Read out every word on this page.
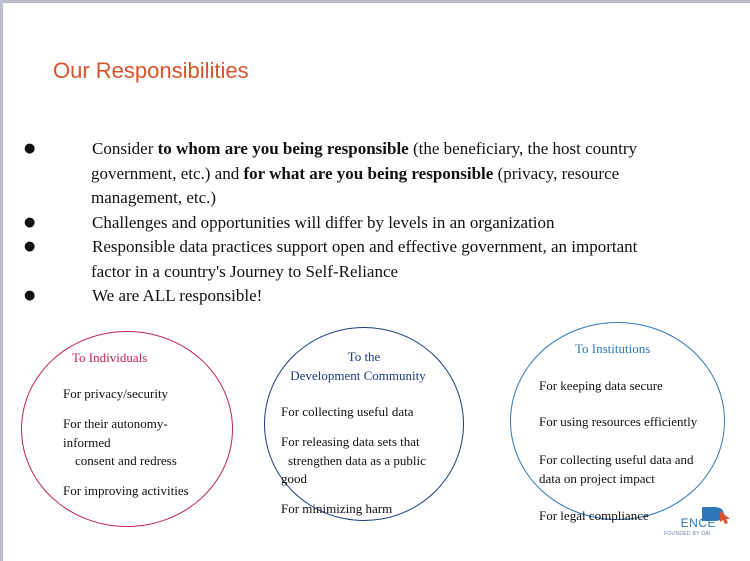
Our Responsibilities

●	Consider to whom are you being responsible (the beneficiary, the host country

government, etc.) and for what are you being responsible (privacy, resource

management, etc.)

●	Challenges and opportunities will differ by levels in an organization

●	Responsible data practices support open and effective government, an important

factor in a country's Journey to Self-Reliance

●	We are ALL responsible!

To Individuals
For privacy/security
For their autonomy-
informed
consent and redress
For improving activities
To the
Development Community
For collecting useful data
For releasing data sets that
strengthen data as a public
good
For minimizing harm
To Institutions
For keeping data secure
For using resources efficiently
For collecting useful data and
data on project impact
For legal compliance	ENCE
FOUNDED BY DAI
